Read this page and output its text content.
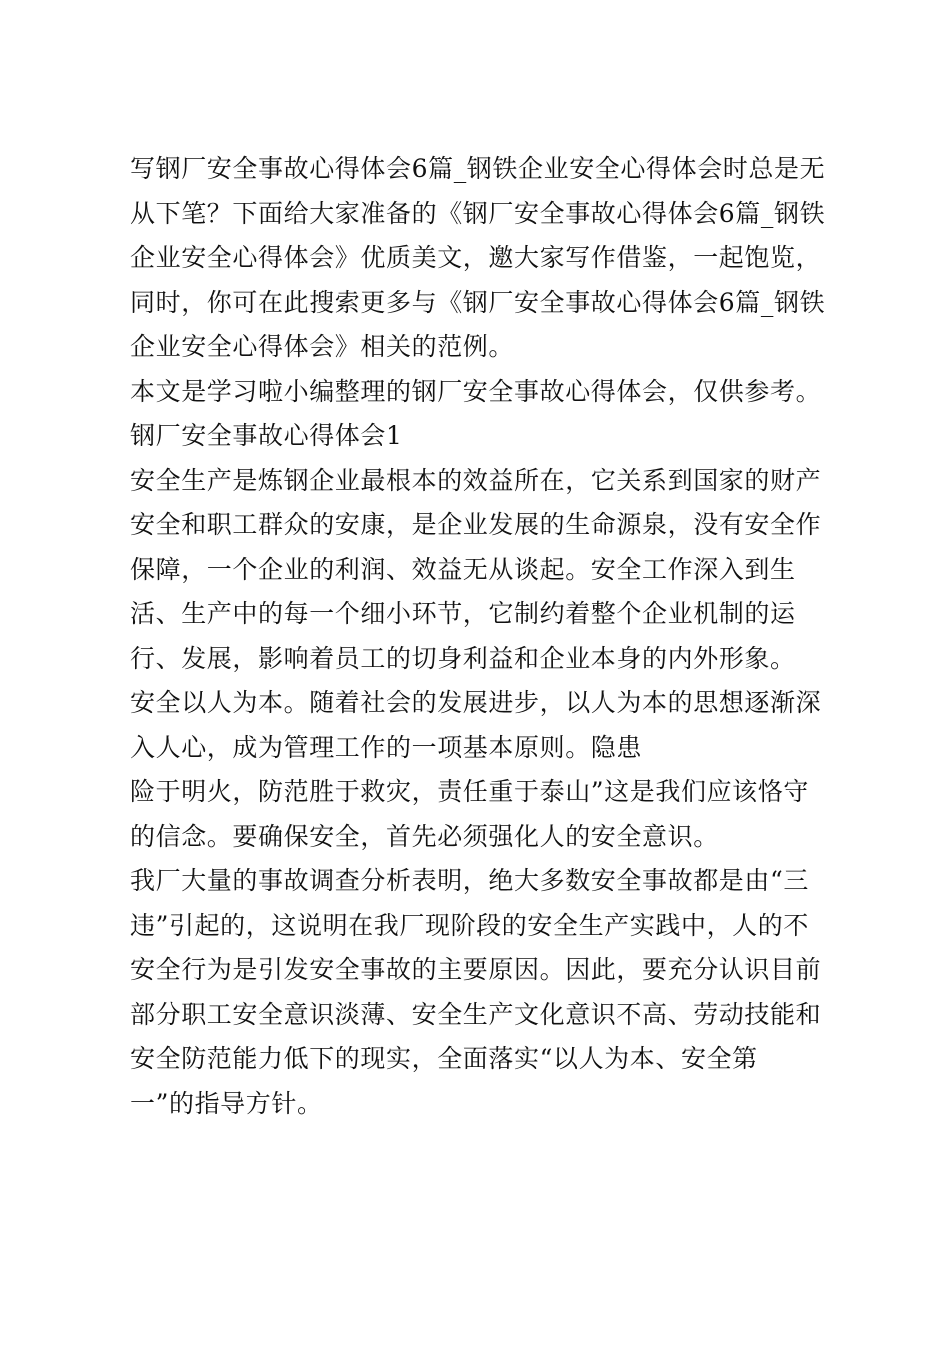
写钢厂安全事故心得体会6篇_钢铁企业安全心得体会时总是无
从下笔？下面给大家准备的《钢厂安全事故心得体会6篇_钢铁
企业安全心得体会》优质美文，邀大家写作借鉴，一起饱览，
同时，你可在此搜索更多与《钢厂安全事故心得体会6篇_钢铁
企业安全心得体会》相关的范例。
本文是学习啦小编整理的钢厂安全事故心得体会，仅供参考。
钢厂安全事故心得体会1
安全生产是炼钢企业最根本的效益所在，它关系到国家的财产
安全和职工群众的安康，是企业发展的生命源泉，没有安全作
保障，一个企业的利润、效益无从谈起。安全工作深入到生
活、生产中的每一个细小环节，它制约着整个企业机制的运
行、发展，影响着员工的切身利益和企业本身的内外形象。
安全以人为本。随着社会的发展进步，以人为本的思想逐渐深
入人心，成为管理工作的一项基本原则。隐患
险于明火，防范胜于救灾，责任重于泰山”这是我们应该恪守
的信念。要确保安全，首先必须强化人的安全意识。
我厂大量的事故调查分析表明，绝大多数安全事故都是由“三
违”引起的，这说明在我厂现阶段的安全生产实践中，人的不
安全行为是引发安全事故的主要原因。因此，要充分认识目前
部分职工安全意识淡薄、安全生产文化意识不高、劳动技能和
安全防范能力低下的现实，全面落实“以人为本、安全第
一”的指导方针。
